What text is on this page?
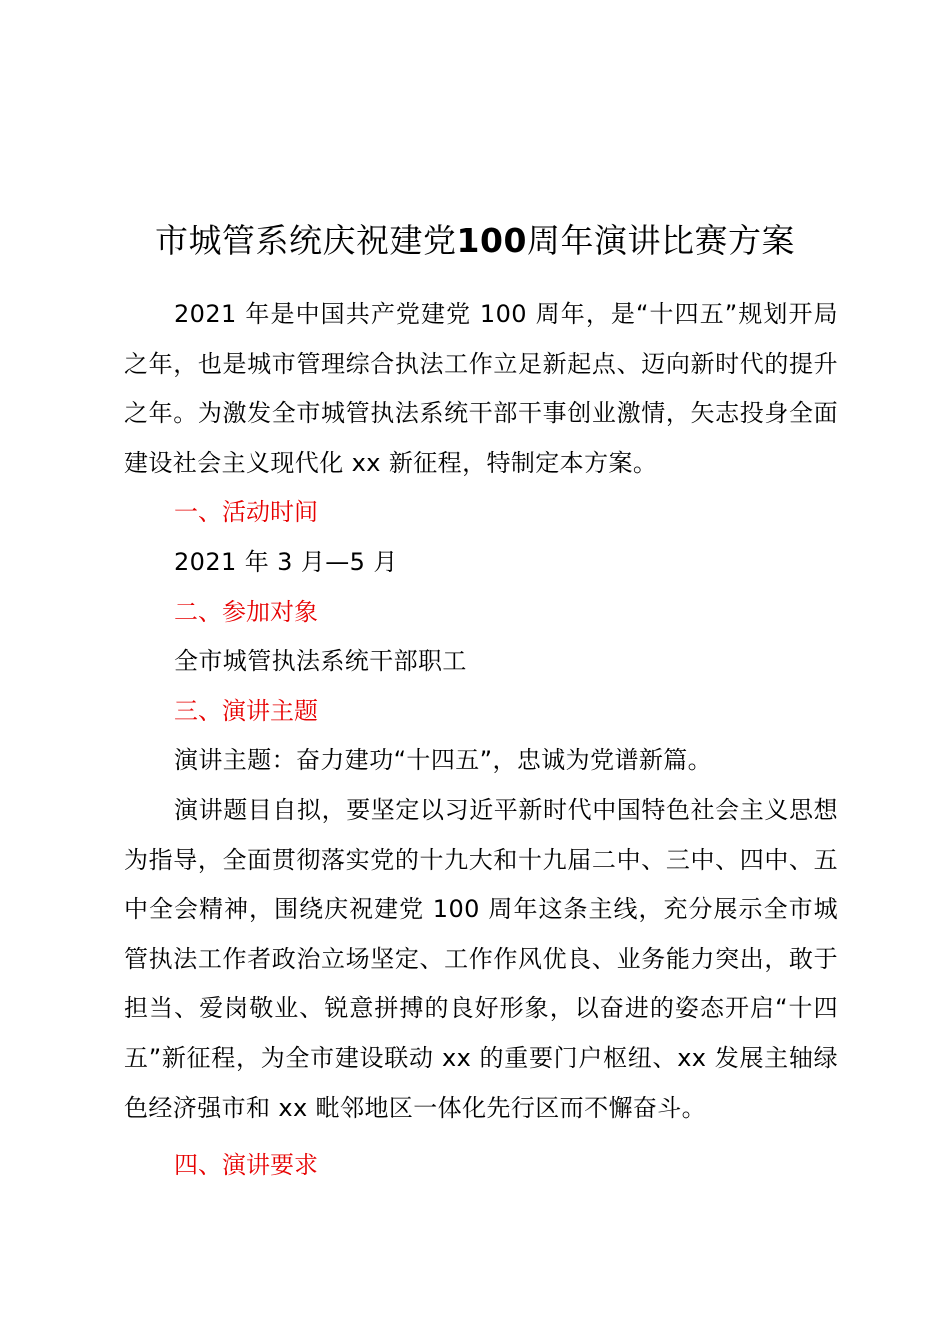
市城管系统庆祝建党100周年演讲比赛方案

2021 年是中国共产党建党 100 周年，是“十四五”规划开局之年，也是城市管理综合执法工作立足新起点、迈向新时代的提升之年。为激发全市城管执法系统干部干事创业激情，矢志投身全面建设社会主义现代化 xx 新征程，特制定本方案。

一、活动时间

2021 年 3 月—5 月

二、参加对象

全市城管执法系统干部职工

三、演讲主题

演讲主题：奋力建功“十四五”，忠诚为党谱新篇。

演讲题目自拟，要坚定以习近平新时代中国特色社会主义思想为指导，全面贯彻落实党的十九大和十九届二中、三中、四中、五中全会精神，围绕庆祝建党 100 周年这条主线，充分展示全市城管执法工作者政治立场坚定、工作作风优良、业务能力突出，敢于担当、爱岗敬业、锐意拼搏的良好形象，以奋进的姿态开启“十四五”新征程，为全市建设联动 xx 的重要门户枢纽、xx 发展主轴绿色经济强市和 xx 毗邻地区一体化先行区而不懈奋斗。

四、演讲要求
